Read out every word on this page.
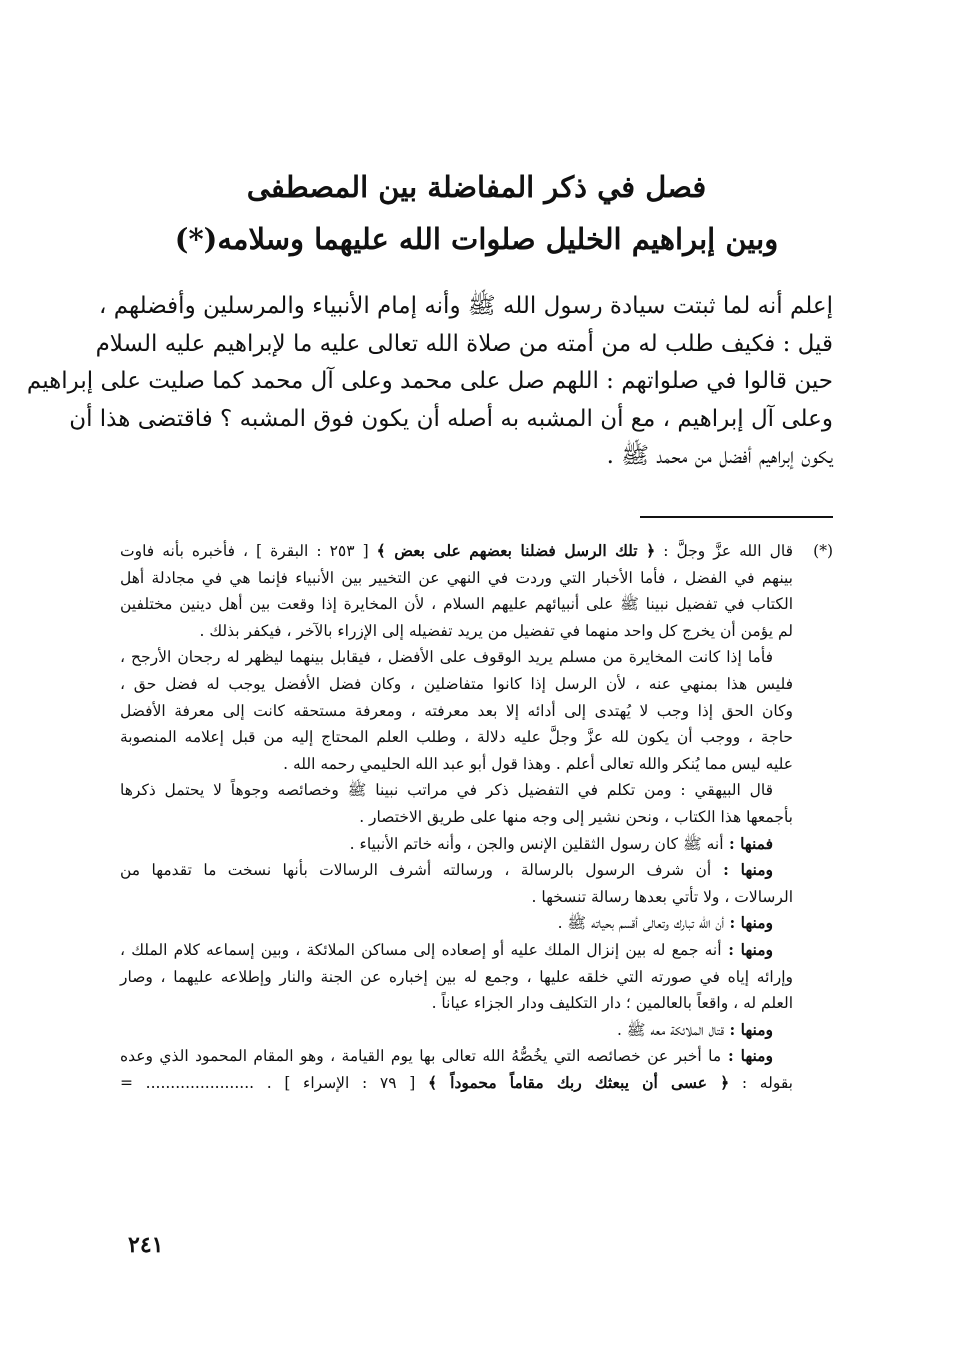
فصل في ذكر المفاضلة بين المصطفى
وبين إبراهيم الخليل صلوات الله عليهما وسلامه(*)
إعلم أنه لما ثبتت سيادة رسول الله ﷺ وأنه إمام الأنبياء والمرسلين وأفضلهم ،
قيل : فكيف طلب له من أمته من صلاة الله تعالى عليه ما لإبراهيم عليه السلام
حين قالوا في صلواتهم : اللهم صل على محمد وعلى آل محمد كما صليت على إبراهيم
وعلى آل إبراهيم ، مع أن المشبه به أصله أن يكون فوق المشبه ؟ فاقتضى هذا أن
يكون إبراهيم أفضل من محمد ﷺ .
(*)
قال الله عزَّ وجلَّ : ﴿ تلك الرسل فضلنا بعضهم على بعض ﴾ [ ٢٥٣ : البقرة ] ، فأخبره بأنه فاوت
بينهم في الفضل ، فأما الأخبار التي وردت في النهي عن التخيير بين الأنبياء فإنما هي في مجادلة أهل
الكتاب في تفضيل نبينا ﷺ على أنبيائهم عليهم السلام ، لأن المخايرة إذا وقعت بين أهل دينين مختلفين
لم يؤمن أن يخرج كل واحد منهما في تفضيل من يريد تفضيله إلى الإزراء بالآخر ، فيكفر بذلك .
فأما إذا كانت المخايرة من مسلم يريد الوقوف على الأفضل ، فيقابل بينهما ليظهر له رجحان الأرجح ،
فليس هذا بمنهي عنه ، لأن الرسل إذا كانوا متفاضلين ، وكان فضل الأفضل يوجب له فضل حق ،
وكان الحق إذا وجب لا يُهتدى إلى أدائه إلا بعد معرفته ، ومعرفة مستحقه كانت إلى معرفة الأفضل
حاجة ، ووجب أن يكون لله عزَّ وجلَّ عليه دلالة ، وطلب العلم المحتاج إليه من قبل إعلامه المنصوبة
عليه ليس مما يُنكر والله تعالى أعلم . وهذا قول أبو عبد الله الحليمي رحمه الله .
قال البيهقي : ومن تكلم في التفضيل ذكر في مراتب نبينا ﷺ وخصائصه وجوهاً لا يحتمل ذكرها
بأجمعها هذا الكتاب ، ونحن نشير إلى وجه منها على طريق الاختصار .
فمنها : أنه ﷺ كان رسول الثقلين الإنس والجن ، وأنه خاتم الأنبياء .
ومنها : أن شرف الرسول بالرسالة ، ورسالته أشرف الرسالات بأنها نسخت ما تقدمها من
الرسالات ، ولا تأتي بعدها رسالة تنسخها .
ومنها : أن الله تبارك وتعالى أقسم بحياته ﷺ .
ومنها : أنه جمع له بين إنزال الملك عليه أو إصعاده إلى مساكن الملائكة ، وبين إسماعه كلام الملك ،
وإرائه إياه في صورته التي خلقه عليها ، وجمع له بين إخباره عن الجنة والنار وإطلاعه عليهما ، وصار
العلم له ، واقعاً بالعالمين ؛ دار التكليف ودار الجزاء عياناً .
ومنها : قتال الملائكة معه ﷺ .
ومنها : ما أخبر عن خصائصه التي يخُصُّهُ الله تعالى بها يوم القيامة ، وهو المقام المحمود الذي وعده
بقوله : ﴿ عسى أن يبعثك ربك مقاماً محموداً ﴾ [ ٧٩ : الإسراء ] . ...................... =
٢٤١
